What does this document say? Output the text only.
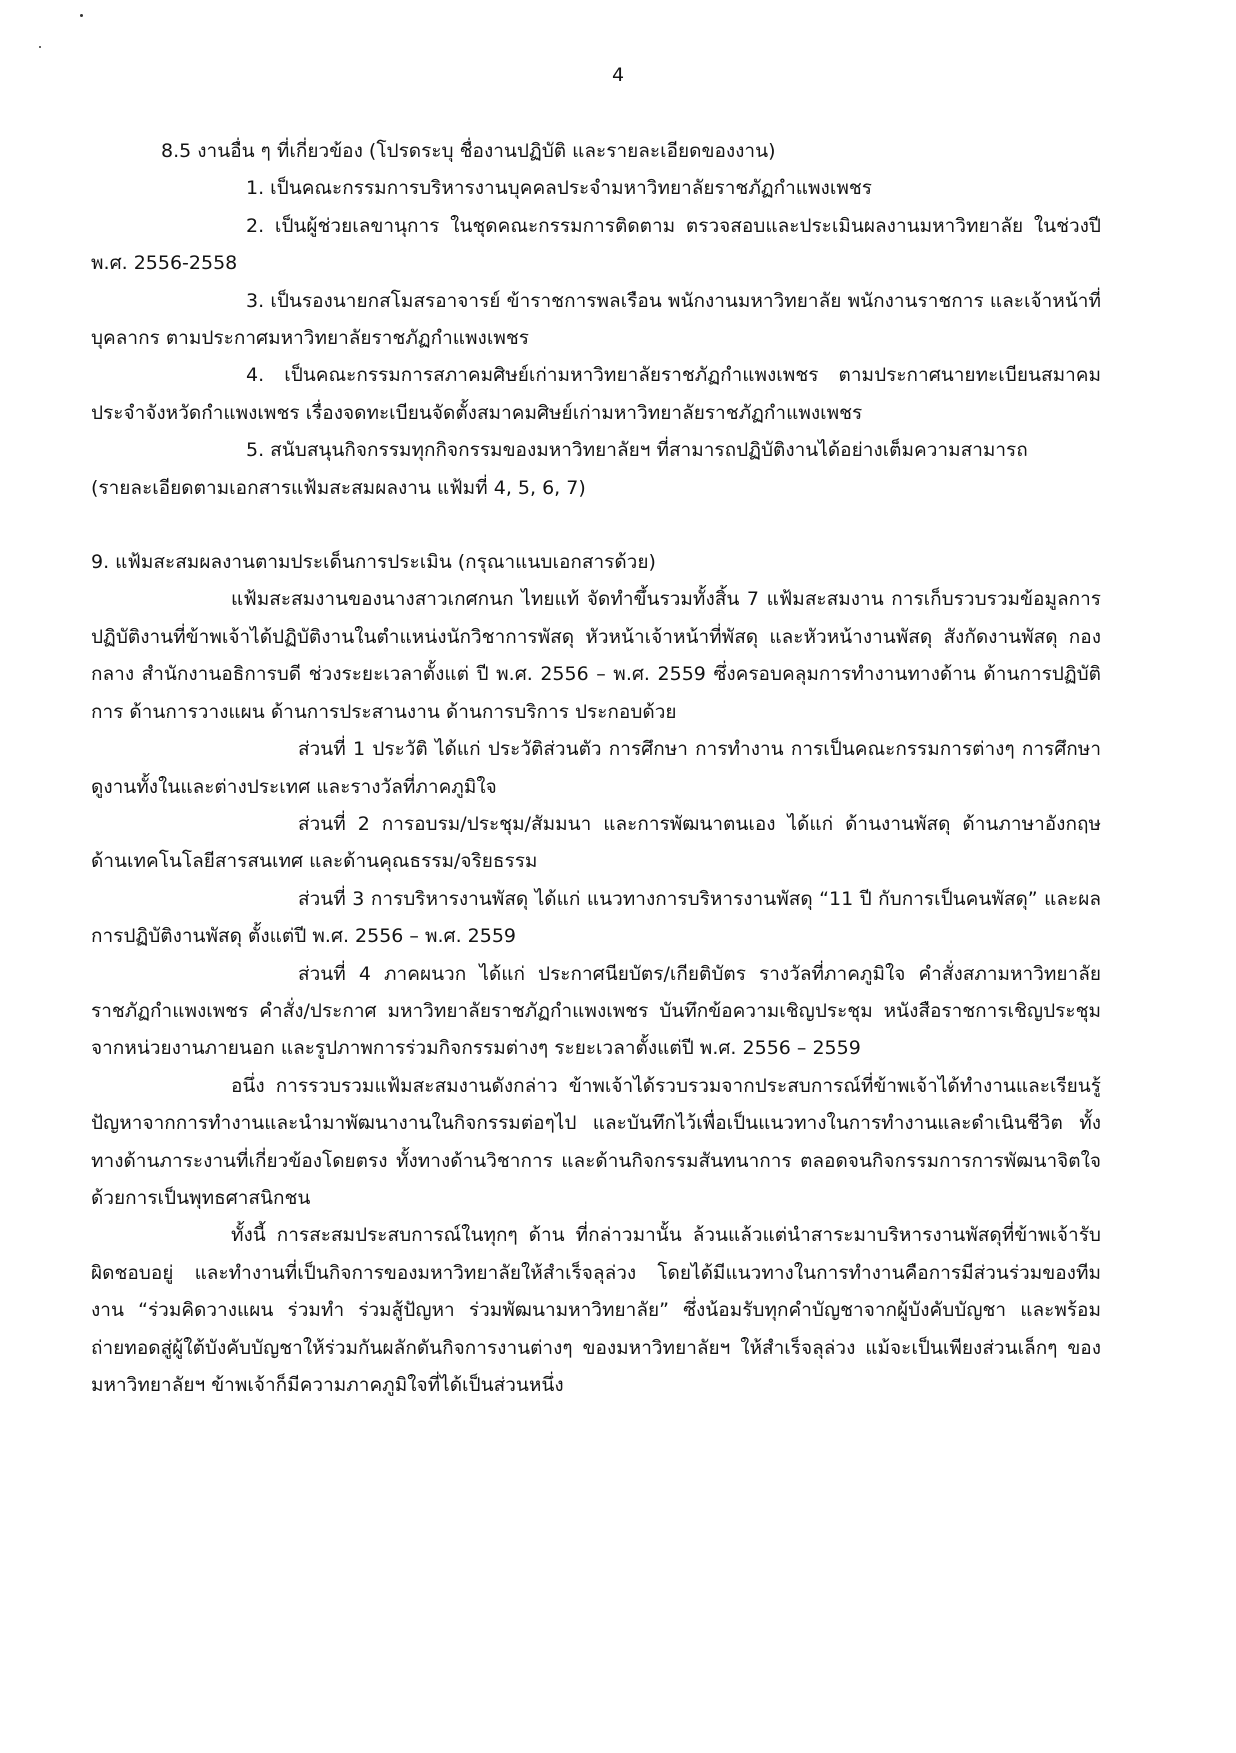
4

8.5 งานอื่น ๆ ที่เกี่ยวข้อง (โปรดระบุ ชื่องานปฏิบัติ และรายละเอียดของงาน)

1. เป็นคณะกรรมการบริหารงานบุคคลประจำมหาวิทยาลัยราชภัฏกำแพงเพชร

2. เป็นผู้ช่วยเลขานุการ ในชุดคณะกรรมการติดตาม ตรวจสอบและประเมินผลงานมหาวิทยาลัย ในช่วงปี พ.ศ. 2556-2558

3. เป็นรองนายกสโมสรอาจารย์ ข้าราชการพลเรือน พนักงานมหาวิทยาลัย พนักงานราชการ และเจ้าหน้าที่บุคลากร ตามประกาศมหาวิทยาลัยราชภัฏกำแพงเพชร

4. เป็นคณะกรรมการสภาคมศิษย์เก่ามหาวิทยาลัยราชภัฏกำแพงเพชร ตามประกาศนายทะเบียนสมาคมประจำจังหวัดกำแพงเพชร เรื่องจดทะเบียนจัดตั้งสมาคมศิษย์เก่ามหาวิทยาลัยราชภัฏกำแพงเพชร

5. สนับสนุนกิจกรรมทุกกิจกรรมของมหาวิทยาลัยฯ ที่สามารถปฏิบัติงานได้อย่างเต็มความสามารถ

(รายละเอียดตามเอกสารแฟ้มสะสมผลงาน แฟ้มที่ 4, 5, 6, 7)

9. แฟ้มสะสมผลงานตามประเด็นการประเมิน (กรุณาแนบเอกสารด้วย)

แฟ้มสะสมงานของนางสาวเกศกนก ไทยแท้ จัดทำขึ้นรวมทั้งสิ้น 7 แฟ้มสะสมงาน การเก็บรวบรวมข้อมูลการปฏิบัติงานที่ข้าพเจ้าได้ปฏิบัติงานในตำแหน่งนักวิชาการพัสดุ หัวหน้าเจ้าหน้าที่พัสดุ และหัวหน้างานพัสดุ สังกัดงานพัสดุ กองกลาง สำนักงานอธิการบดี ช่วงระยะเวลาตั้งแต่ ปี พ.ศ. 2556 – พ.ศ. 2559 ซึ่งครอบคลุมการทำงานทางด้าน ด้านการปฏิบัติการ ด้านการวางแผน ด้านการประสานงาน ด้านการบริการ ประกอบด้วย

ส่วนที่ 1 ประวัติ ได้แก่ ประวัติส่วนตัว การศึกษา การทำงาน การเป็นคณะกรรมการต่างๆ การศึกษาดูงานทั้งในและต่างประเทศ และรางวัลที่ภาคภูมิใจ

ส่วนที่ 2 การอบรม/ประชุม/สัมมนา และการพัฒนาตนเอง ได้แก่ ด้านงานพัสดุ ด้านภาษาอังกฤษ ด้านเทคโนโลยีสารสนเทศ และด้านคุณธรรม/จริยธรรม

ส่วนที่ 3 การบริหารงานพัสดุ ได้แก่ แนวทางการบริหารงานพัสดุ “11 ปี กับการเป็นคนพัสดุ” และผลการปฏิบัติงานพัสดุ ตั้งแต่ปี พ.ศ. 2556 – พ.ศ. 2559

ส่วนที่ 4 ภาคผนวก ได้แก่ ประกาศนียบัตร/เกียติบัตร รางวัลที่ภาคภูมิใจ คำสั่งสภามหาวิทยาลัยราชภัฏกำแพงเพชร คำสั่ง/ประกาศ มหาวิทยาลัยราชภัฏกำแพงเพชร บันทึกข้อความเชิญประชุม หนังสือราชการเชิญประชุมจากหน่วยงานภายนอก และรูปภาพการร่วมกิจกรรมต่างๆ ระยะเวลาตั้งแต่ปี พ.ศ. 2556 – 2559

อนึ่ง การรวบรวมแฟ้มสะสมงานดังกล่าว ข้าพเจ้าได้รวบรวมจากประสบการณ์ที่ข้าพเจ้าได้ทำงานและเรียนรู้ปัญหาจากการทำงานและนำมาพัฒนางานในกิจกรรมต่อๆไป และบันทึกไว้เพื่อเป็นแนวทางในการทำงานและดำเนินชีวิต ทั้งทางด้านภาระงานที่เกี่ยวข้องโดยตรง ทั้งทางด้านวิชาการ และด้านกิจกรรมสันทนาการ ตลอดจนกิจกรรมการการพัฒนาจิตใจด้วยการเป็นพุทธศาสนิกชน

ทั้งนี้ การสะสมประสบการณ์ในทุกๆ ด้าน ที่กล่าวมานั้น ล้วนแล้วแต่นำสาระมาบริหารงานพัสดุที่ข้าพเจ้ารับผิดชอบอยู่ และทำงานที่เป็นกิจการของมหาวิทยาลัยให้สำเร็จลุล่วง โดยได้มีแนวทางในการทำงานคือการมีส่วนร่วมของทีมงาน “ร่วมคิดวางแผน ร่วมทำ ร่วมสู้ปัญหา ร่วมพัฒนามหาวิทยาลัย” ซึ่งน้อมรับทุกคำบัญชาจากผู้บังคับบัญชา และพร้อมถ่ายทอดสู่ผู้ใต้บังคับบัญชาให้ร่วมกันผลักดันกิจการงานต่างๆ ของมหาวิทยาลัยฯ ให้สำเร็จลุล่วง แม้จะเป็นเพียงส่วนเล็กๆ ของมหาวิทยาลัยฯ ข้าพเจ้าก็มีความภาคภูมิใจที่ได้เป็นส่วนหนึ่ง
